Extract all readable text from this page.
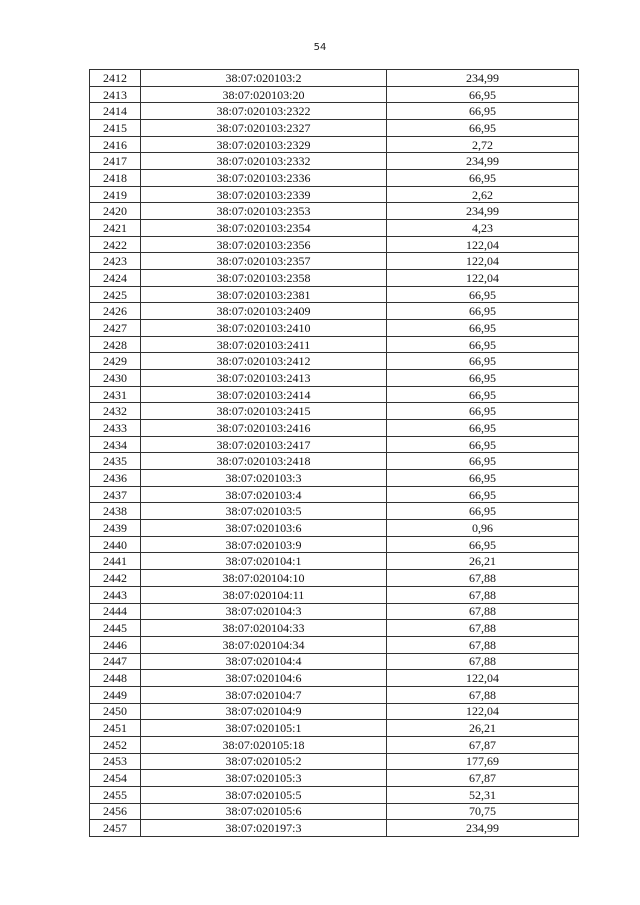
54
2412	38:07:020103:2	234,99
2413	38:07:020103:20	66,95
2414	38:07:020103:2322	66,95
2415	38:07:020103:2327	66,95
2416	38:07:020103:2329	2,72
2417	38:07:020103:2332	234,99
2418	38:07:020103:2336	66,95
2419	38:07:020103:2339	2,62
2420	38:07:020103:2353	234,99
2421	38:07:020103:2354	4,23
2422	38:07:020103:2356	122,04
2423	38:07:020103:2357	122,04
2424	38:07:020103:2358	122,04
2425	38:07:020103:2381	66,95
2426	38:07:020103:2409	66,95
2427	38:07:020103:2410	66,95
2428	38:07:020103:2411	66,95
2429	38:07:020103:2412	66,95
2430	38:07:020103:2413	66,95
2431	38:07:020103:2414	66,95
2432	38:07:020103:2415	66,95
2433	38:07:020103:2416	66,95
2434	38:07:020103:2417	66,95
2435	38:07:020103:2418	66,95
2436	38:07:020103:3	66,95
2437	38:07:020103:4	66,95
2438	38:07:020103:5	66,95
2439	38:07:020103:6	0,96
2440	38:07:020103:9	66,95
2441	38:07:020104:1	26,21
2442	38:07:020104:10	67,88
2443	38:07:020104:11	67,88
2444	38:07:020104:3	67,88
2445	38:07:020104:33	67,88
2446	38:07:020104:34	67,88
2447	38:07:020104:4	67,88
2448	38:07:020104:6	122,04
2449	38:07:020104:7	67,88
2450	38:07:020104:9	122,04
2451	38:07:020105:1	26,21
2452	38:07:020105:18	67,87
2453	38:07:020105:2	177,69
2454	38:07:020105:3	67,87
2455	38:07:020105:5	52,31
2456	38:07:020105:6	70,75
2457	38:07:020197:3	234,99
